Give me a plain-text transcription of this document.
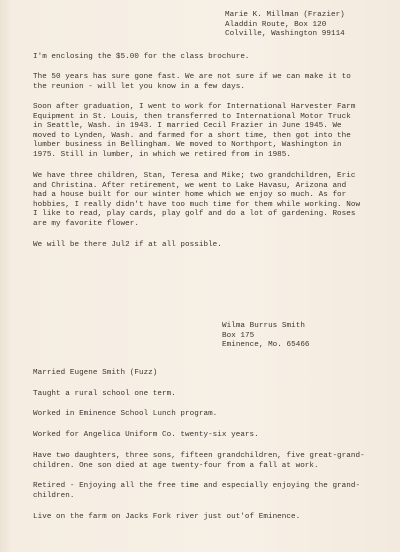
Marie K. Millman (Frazier)
Aladdin Route, Box 120
Colville, Washington 99114

I'm enclosing the $5.00 for the class brochure.

The 50 years has sure gone fast. We are not sure if we can make it to
the reunion - will let you know in a few days.

Soon after graduation, I went to work for International Harvester Farm
Equipment in St. Louis, then transferred to International Motor Truck
in Seattle, Wash. in 1943. I married Cecil Frazier in June 1945. We
moved to Lynden, Wash. and farmed for a short time, then got into the
lumber business in Bellingham. We moved to Northport, Washington in
1975. Still in lumber, in which we retired from in 1985.

We have three children, Stan, Teresa and Mike; two grandchildren, Eric
and Christina. After retirement, we went to Lake Havasu, Arizona and
had a house built for our winter home which we enjoy so much. As for
hobbies, I really didn't have too much time for them while working. Now
I like to read, play cards, play golf and do a lot of gardening. Roses
are my favorite flower.

We will be there Jul2 if at all possible.

Wilma Burrus Smith
Box 175
Eminence, Mo. 65466

Married Eugene Smith (Fuzz)

Taught a rural school one term.

Worked in Eminence School Lunch program.

Worked for Angelica Uniform Co. twenty-six years.

Have two daughters, three sons, fifteen grandchildren, five great-grand-
children. One son died at age twenty-four from a fall at work.

Retired - Enjoying all the free time and especially enjoying the grand-
children.

Live on the farm on Jacks Fork river just out'of Eminence.
